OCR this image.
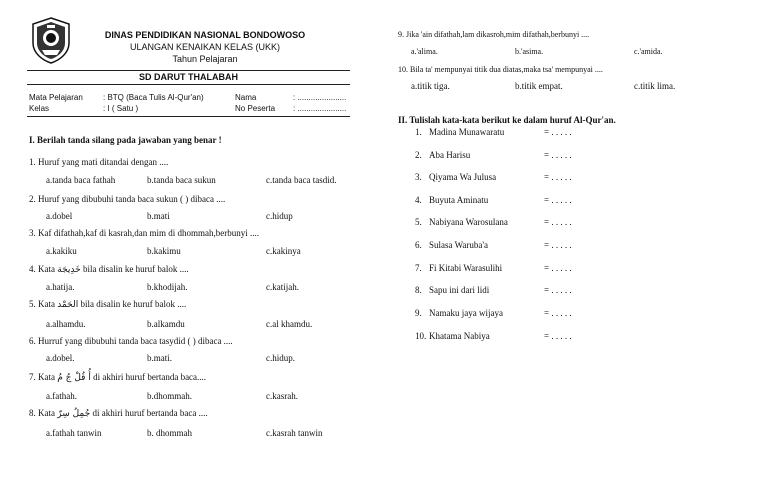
DINAS PENDIDIKAN NASIONAL BONDOWOSO
ULANGAN KENAIKAN KELAS (UKK)
Tahun Pelajaran
SD DARUT THALABAH
Mata Pelajaran	: BTQ (Baca Tulis Al-Qur'an)
Kelas	: I ( Satu )
Nama	: ......................
No Peserta : ......................
I. Berilah tanda silang pada jawaban yang benar !
1. Huruf yang mati ditandai dengan ....
a.tanda baca fathah	b.tanda baca sukun	c.tanda baca tasdid.
2. Huruf yang dibubuhi tanda baca sukun ( ) dibaca ....
a.dobel	b.mati	c.hidup
3. Kaf difathah,kaf di kasrah,dan mim di dhommah,berbunyi ....
a.kakiku	b.kakimu	c.kakinya
4. Kata خَدِيجَة bila disalin ke huruf balok ....
a.hatija.	b.khodijah.	c.katijah.
5. Kata الحَمْد bila disalin ke huruf balok ....
a.alhamdu.	b.alkamdu	c.al khamdu.
6. Hurruf yang dibubuhi tanda baca tasydid ( ) dibaca ....
a.dobel.	b.mati.	c.hidup.
7. Kata أُ قُلْ جُ مُ di akhiri huruf bertanda baca....
a.fathah.	b.dhommah.	c.kasrah.
8. Kata جُمِلُ سِرّ di akhiri huruf bertanda baca ....
a.fathah tanwin	b. dhommah	c.kasrah tanwin
9. Jika 'ain difathah,lam dikasroh,mim difathah,berbunyi ....
a.'alima.	b.'asima.	c.'amida.
10. Bila ta' mempunyai titik dua diatas,maka tsa' mempunyai ....
a.titik tiga.	b.titik empat.	c.titik lima.
II. Tulislah kata-kata berikut ke dalam huruf Al-Qur'an.
1. Madina Munawaratu	= . . . . .
2. Aba Harisu	= . . . . .
3. Qiyama Wa Julusa	= . . . . .
4. Buyuta Aminatu	= . . . . .
5. Nabiyana Warosulana	= . . . . .
6. Sulasa Waruba'a	= . . . . .
7. Fi Kitabi Warasulihi	= . . . . .
8. Sapu ini dari lidi	= . . . . .
9. Namaku jaya wijaya	= . . . . .
10. Khatama Nabiya	= . . . . .
